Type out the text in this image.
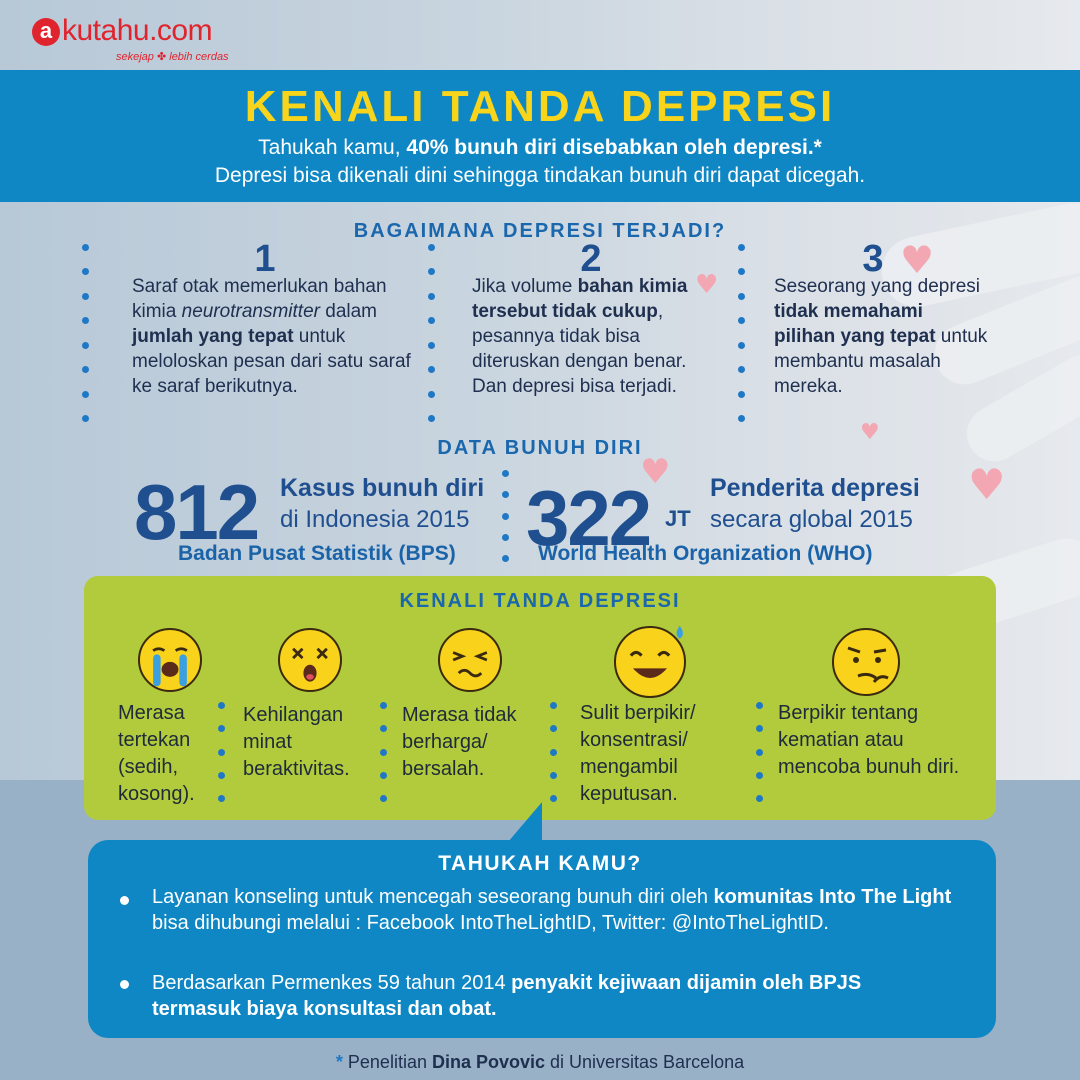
♥
♥
♥	♥
♥
a kutahu.com
sekejap ✤ lebih cerdas
KENALI TANDA DEPRESI
Tahukah kamu, 40% bunuh diri disebabkan oleh depresi.*
Depresi bisa dikenali dini sehingga tindakan bunuh diri dapat dicegah.
BAGAIMANA DEPRESI TERJADI?
1
Saraf otak memerlukan bahan kimia neurotransmitter dalam jumlah yang tepat untuk meloloskan pesan dari satu saraf ke saraf berikutnya.
2
Jika volume bahan kimia tersebut tidak cukup, pesannya tidak bisa diteruskan dengan benar. Dan depresi bisa terjadi.
3
Seseorang yang depresi tidak memahami pilihan yang tepat untuk membantu masalah mereka.
DATA BUNUH DIRI
812 Kasus bunuh diri
di Indonesia 2015
Badan Pusat Statistik (BPS) 322 JT
Penderita depresi
secara global 2015
World Health Organization (WHO)
KENALI TANDA DEPRESI
Merasa tertekan (sedih, kosong).
Kehilangan minat beraktivitas.
Merasa tidak berharga/ bersalah.
Sulit berpikir/ konsentrasi/ mengambil keputusan.
Berpikir tentang kematian atau mencoba bunuh diri.
TAHUKAH KAMU?
Layanan konseling untuk mencegah seseorang bunuh diri oleh komunitas Into The Light bisa dihubungi melalui : Facebook IntoTheLightID, Twitter: @IntoTheLightID.
Berdasarkan Permenkes 59 tahun 2014 penyakit kejiwaan dijamin oleh BPJS termasuk biaya konsultasi dan obat.
* Penelitian Dina Povovic di Universitas Barcelona
